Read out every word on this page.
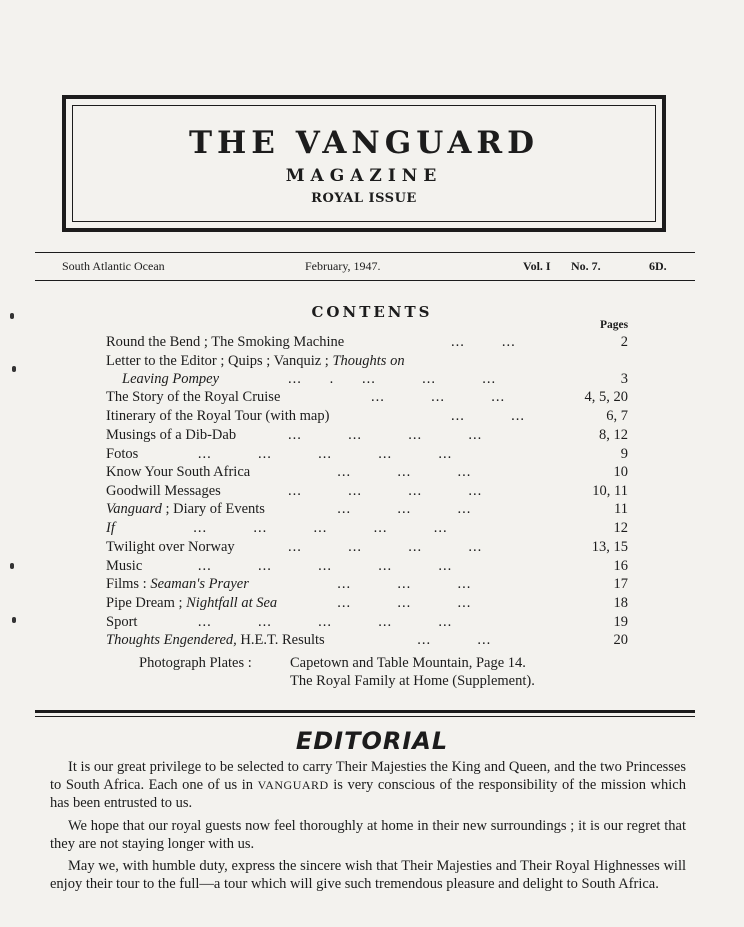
THE VANGUARD
MAGAZINE
ROYAL ISSUE
South Atlantic Ocean	February, 1947.	Vol. I No. 7.	6D.
CONTENTS
Pages
Round the Bend ; The Smoking Machine	...        ...	2
Letter to the Editor ; Quips ; Vanquiz ; Thoughts on
Leaving Pompey	...      .      ...          ...          ...	3
The Story of the Royal Cruise	...          ...          ...	4, 5, 20
Itinerary of the Royal Tour (with map)	...          ...	6, 7
Musings of a Dib-Dab	...          ...          ...          ...	8, 12
Fotos	...          ...          ...          ...          ...	9
Know Your South Africa	...          ...          ...	10
Goodwill Messages	...          ...          ...          ...	10, 11
Vanguard ; Diary of Events ...          ...          ...	11
If	...          ...          ...          ...          ...	12
Twilight over Norway	...          ...          ...          ...	13, 15
Music	...          ...          ...          ...          ...	16
Films : Seaman's Prayer	...          ...          ...	17
Pipe Dream ; Nightfall at Sea ...          ...          ...	18
Sport	...          ...          ...          ...          ...	19
Thoughts Engendered, H.E.T. Results	...          ...	20
Photograph Plates :	Capetown and Table Mountain, Page 14.
The Royal Family at Home (Supplement).
EDITORIAL
It is our great privilege to be selected to carry Their Majesties the King and Queen, and the two Princesses to South Africa. Each one of us in VANGUARD is very conscious of the responsibility of the mission which has been entrusted to us.
We hope that our royal guests now feel thoroughly at home in their new surroundings ; it is our regret that they are not staying longer with us.
May we, with humble duty, express the sincere wish that Their Majesties and Their Royal Highnesses will enjoy their tour to the full—a tour which will give such tremendous pleasure and delight to South Africa.
